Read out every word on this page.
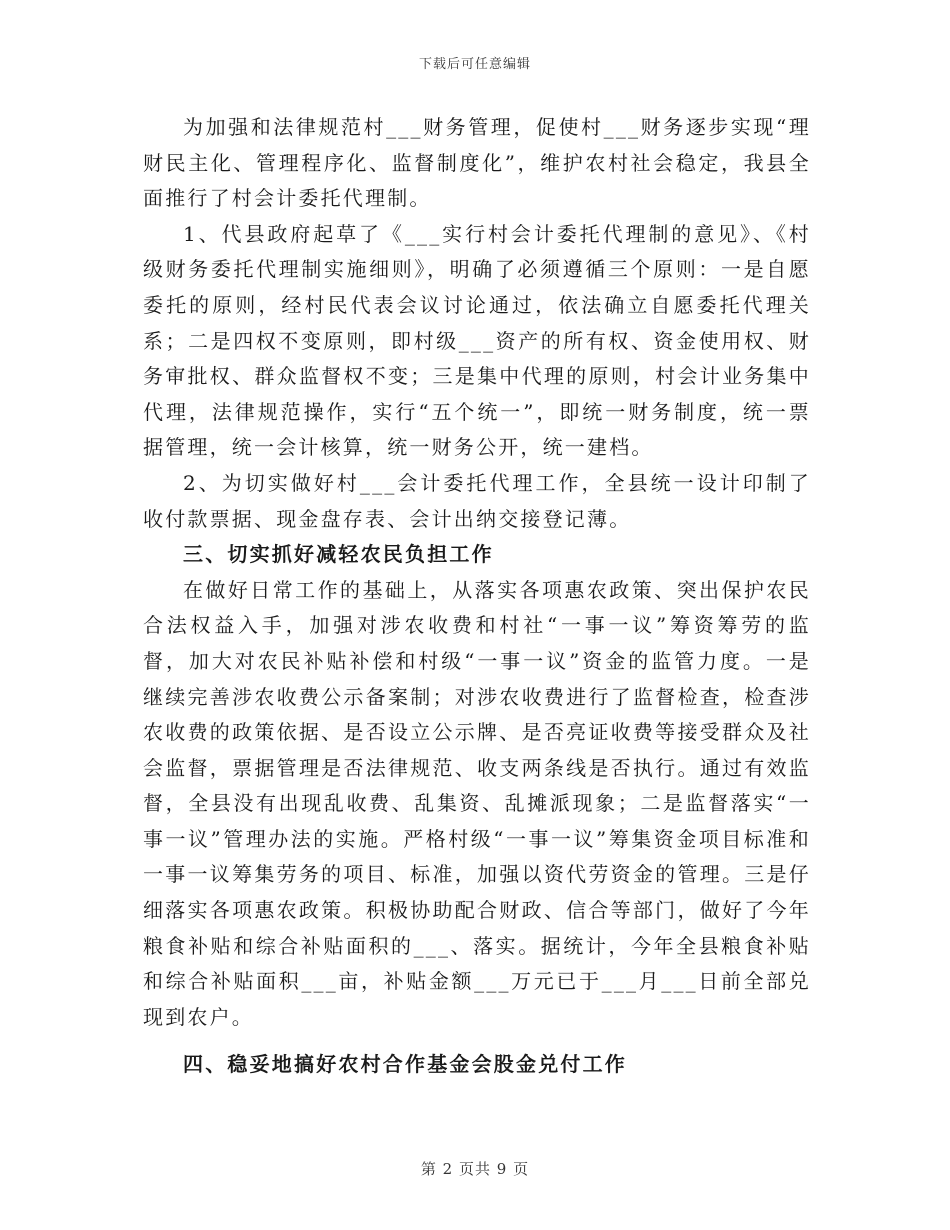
下载后可任意编辑

为加强和法律规范村___财务管理，促使村___财务逐步实现“理财民主化、管理程序化、监督制度化”，维护农村社会稳定，我县全面推行了村会计委托代理制。

1、代县政府起草了《___实行村会计委托代理制的意见》、《村级财务委托代理制实施细则》，明确了必须遵循三个原则：一是自愿委托的原则，经村民代表会议讨论通过，依法确立自愿委托代理关系；二是四权不变原则，即村级___资产的所有权、资金使用权、财务审批权、群众监督权不变；三是集中代理的原则，村会计业务集中代理，法律规范操作，实行“五个统一”，即统一财务制度，统一票据管理，统一会计核算，统一财务公开，统一建档。

2、为切实做好村___会计委托代理工作，全县统一设计印制了收付款票据、现金盘存表、会计出纳交接登记薄。

三、切实抓好减轻农民负担工作

在做好日常工作的基础上，从落实各项惠农政策、突出保护农民合法权益入手，加强对涉农收费和村社“一事一议”筹资筹劳的监督，加大对农民补贴补偿和村级“一事一议”资金的监管力度。一是继续完善涉农收费公示备案制；对涉农收费进行了监督检查，检查涉农收费的政策依据、是否设立公示牌、是否亮证收费等接受群众及社会监督，票据管理是否法律规范、收支两条线是否执行。通过有效监督，全县没有出现乱收费、乱集资、乱摊派现象；二是监督落实“一事一议”管理办法的实施。严格村级“一事一议”筹集资金项目标准和一事一议筹集劳务的项目、标准，加强以资代劳资金的管理。三是仔细落实各项惠农政策。积极协助配合财政、信合等部门，做好了今年粮食补贴和综合补贴面积的___、落实。据统计，今年全县粮食补贴和综合补贴面积___亩，补贴金额___万元已于___月___日前全部兑现到农户。

四、稳妥地搞好农村合作基金会股金兑付工作
第 2 页共 9 页
